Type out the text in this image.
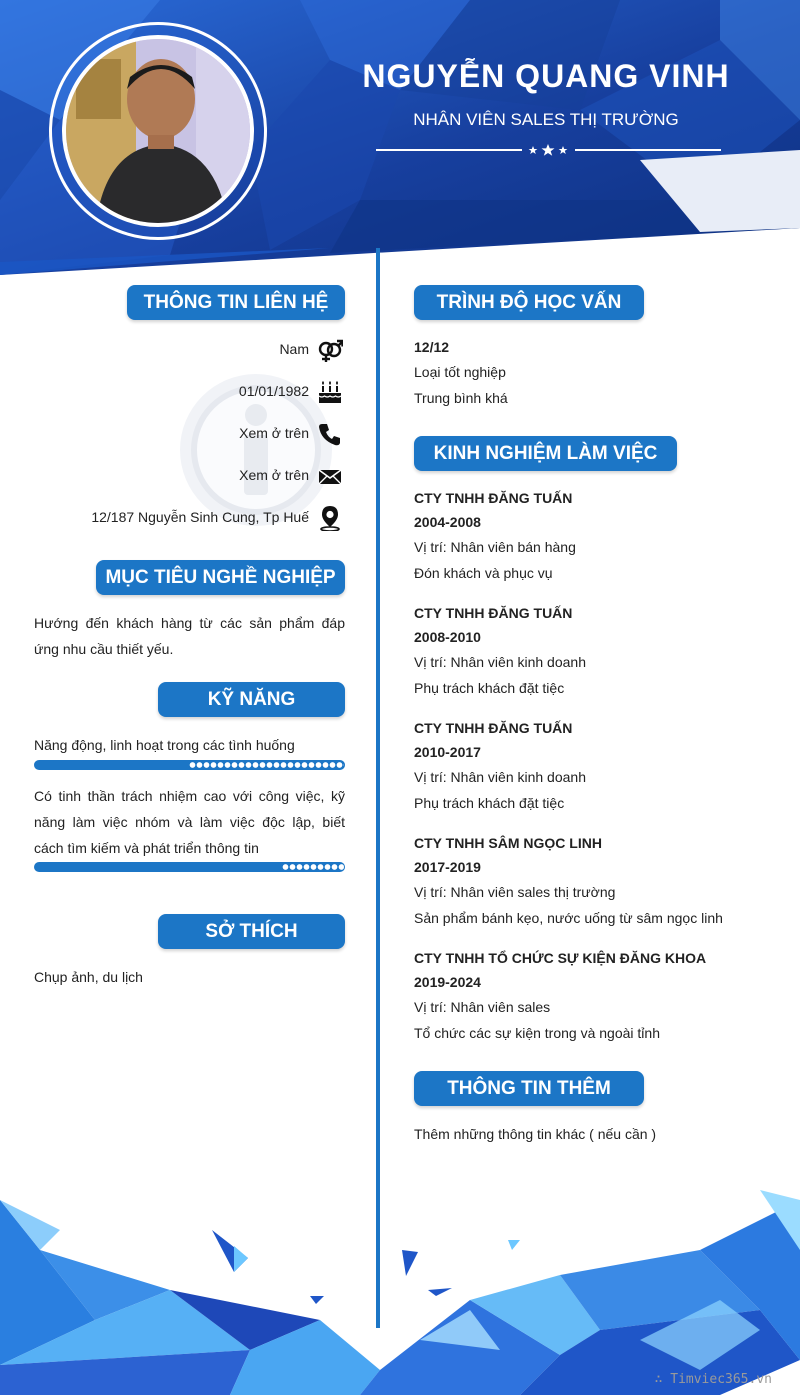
NGUYỄN QUANG VINH
NHÂN VIÊN SALES THỊ TRƯỜNG
THÔNG TIN LIÊN HỆ
Nam
01/01/1982
Xem ở trên
Xem ở trên
12/187 Nguyễn Sinh Cung, Tp Huế
MỤC TIÊU NGHỀ NGHIỆP
Hướng đến khách hàng từ các sản phẩm đáp ứng nhu cầu thiết yếu.
KỸ NĂNG
Năng động, linh hoạt trong các tình huống
Có tinh thần trách nhiệm cao với công việc, kỹ năng làm việc nhóm và làm việc độc lập, biết cách tìm kiếm và phát triển thông tin
SỞ THÍCH
Chụp ảnh, du lịch
TRÌNH ĐỘ HỌC VẤN
12/12
Loại tốt nghiệp
Trung bình khá
KINH NGHIỆM LÀM VIỆC
CTY TNHH ĐĂNG TUẤN
2004-2008
Vị trí: Nhân viên bán hàng
Đón khách và phục vụ
CTY TNHH ĐĂNG TUẤN
2008-2010
Vị trí: Nhân viên kinh doanh
Phụ trách khách đặt tiệc
CTY TNHH ĐĂNG TUẤN
2010-2017
Vị trí: Nhân viên kinh doanh
Phụ trách khách đặt tiệc
CTY TNHH SÂM NGỌC LINH
2017-2019
Vị trí: Nhân viên sales thị trường
Sản phẩm bánh kẹo, nước uống từ sâm ngọc linh
CTY TNHH TỔ CHỨC SỰ KIỆN ĐĂNG KHOA
2019-2024
Vị trí: Nhân viên sales
Tổ chức các sự kiện trong và ngoài tỉnh
THÔNG TIN THÊM
Thêm những thông tin khác ( nếu cần )
∴ Timviec365.vn
